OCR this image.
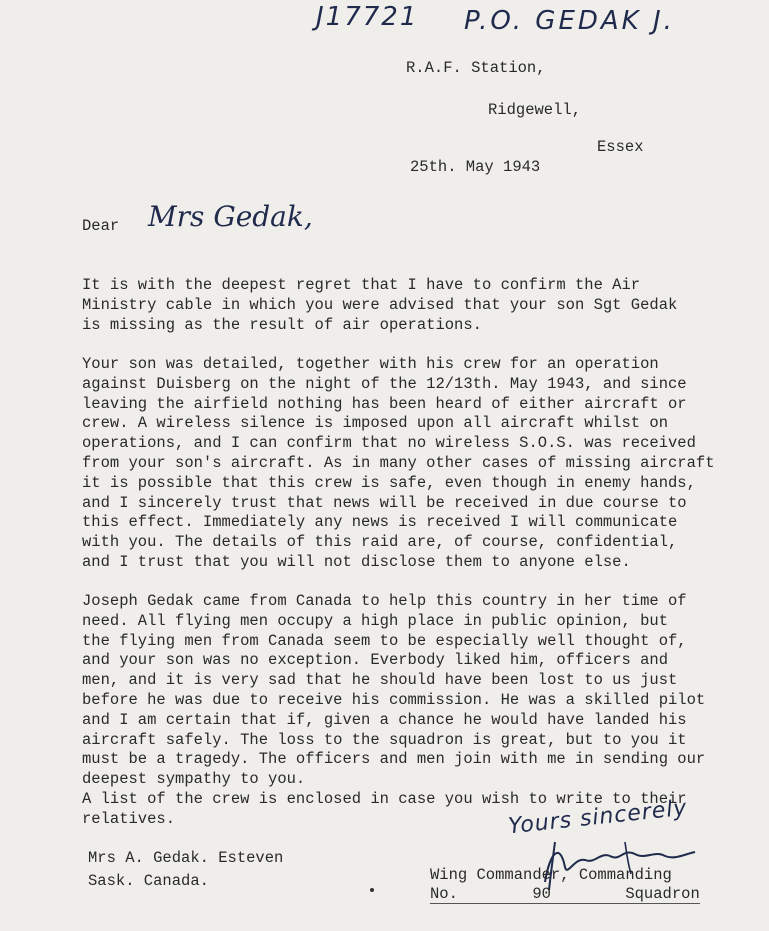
J17721 P.O. GEDAK J.
R.A.F. Station,
Ridgewell,
Essex
25th. May 1943
Dear Mrs Gedak,
It is with the deepest regret that I have to confirm the Air
Ministry cable in which you were advised that your son Sgt Gedak
is missing as the result of air operations.
Your son was detailed, together with his crew for an operation
against Duisberg on the night of the 12/13th. May 1943, and since
leaving the airfield nothing has been heard of either aircraft or
crew. A wireless silence is imposed upon all aircraft whilst on
operations, and I can confirm that no wireless S.O.S. was received
from your son's aircraft. As in many other cases of missing aircraft
it is possible that this crew is safe, even though in enemy hands,
and I sincerely trust that news will be received in due course to
this effect. Immediately any news is received I will communicate
with you. The details of this raid are, of course, confidential,
and I trust that you will not disclose them to anyone else.
Joseph Gedak came from Canada to help this country in her time of
need. All flying men occupy a high place in public opinion, but
the flying men from Canada seem to be especially well thought of,
and your son was no exception. Everbody liked him, officers and
men, and it is very sad that he should have been lost to us just
before he was due to receive his commission. He was a skilled pilot
and I am certain that if, given a chance he would have landed his
aircraft safely. The loss to the squadron is great, but to you it
must be a tragedy. The officers and men join with me in sending our
deepest sympathy to you.
A list of the crew is enclosed in case you wish to write to their
relatives.
Mrs A. Gedak. Esteven
Sask. Canada.
Yours sincerely
Wing Commander, Commanding
No.        90        Squadron
